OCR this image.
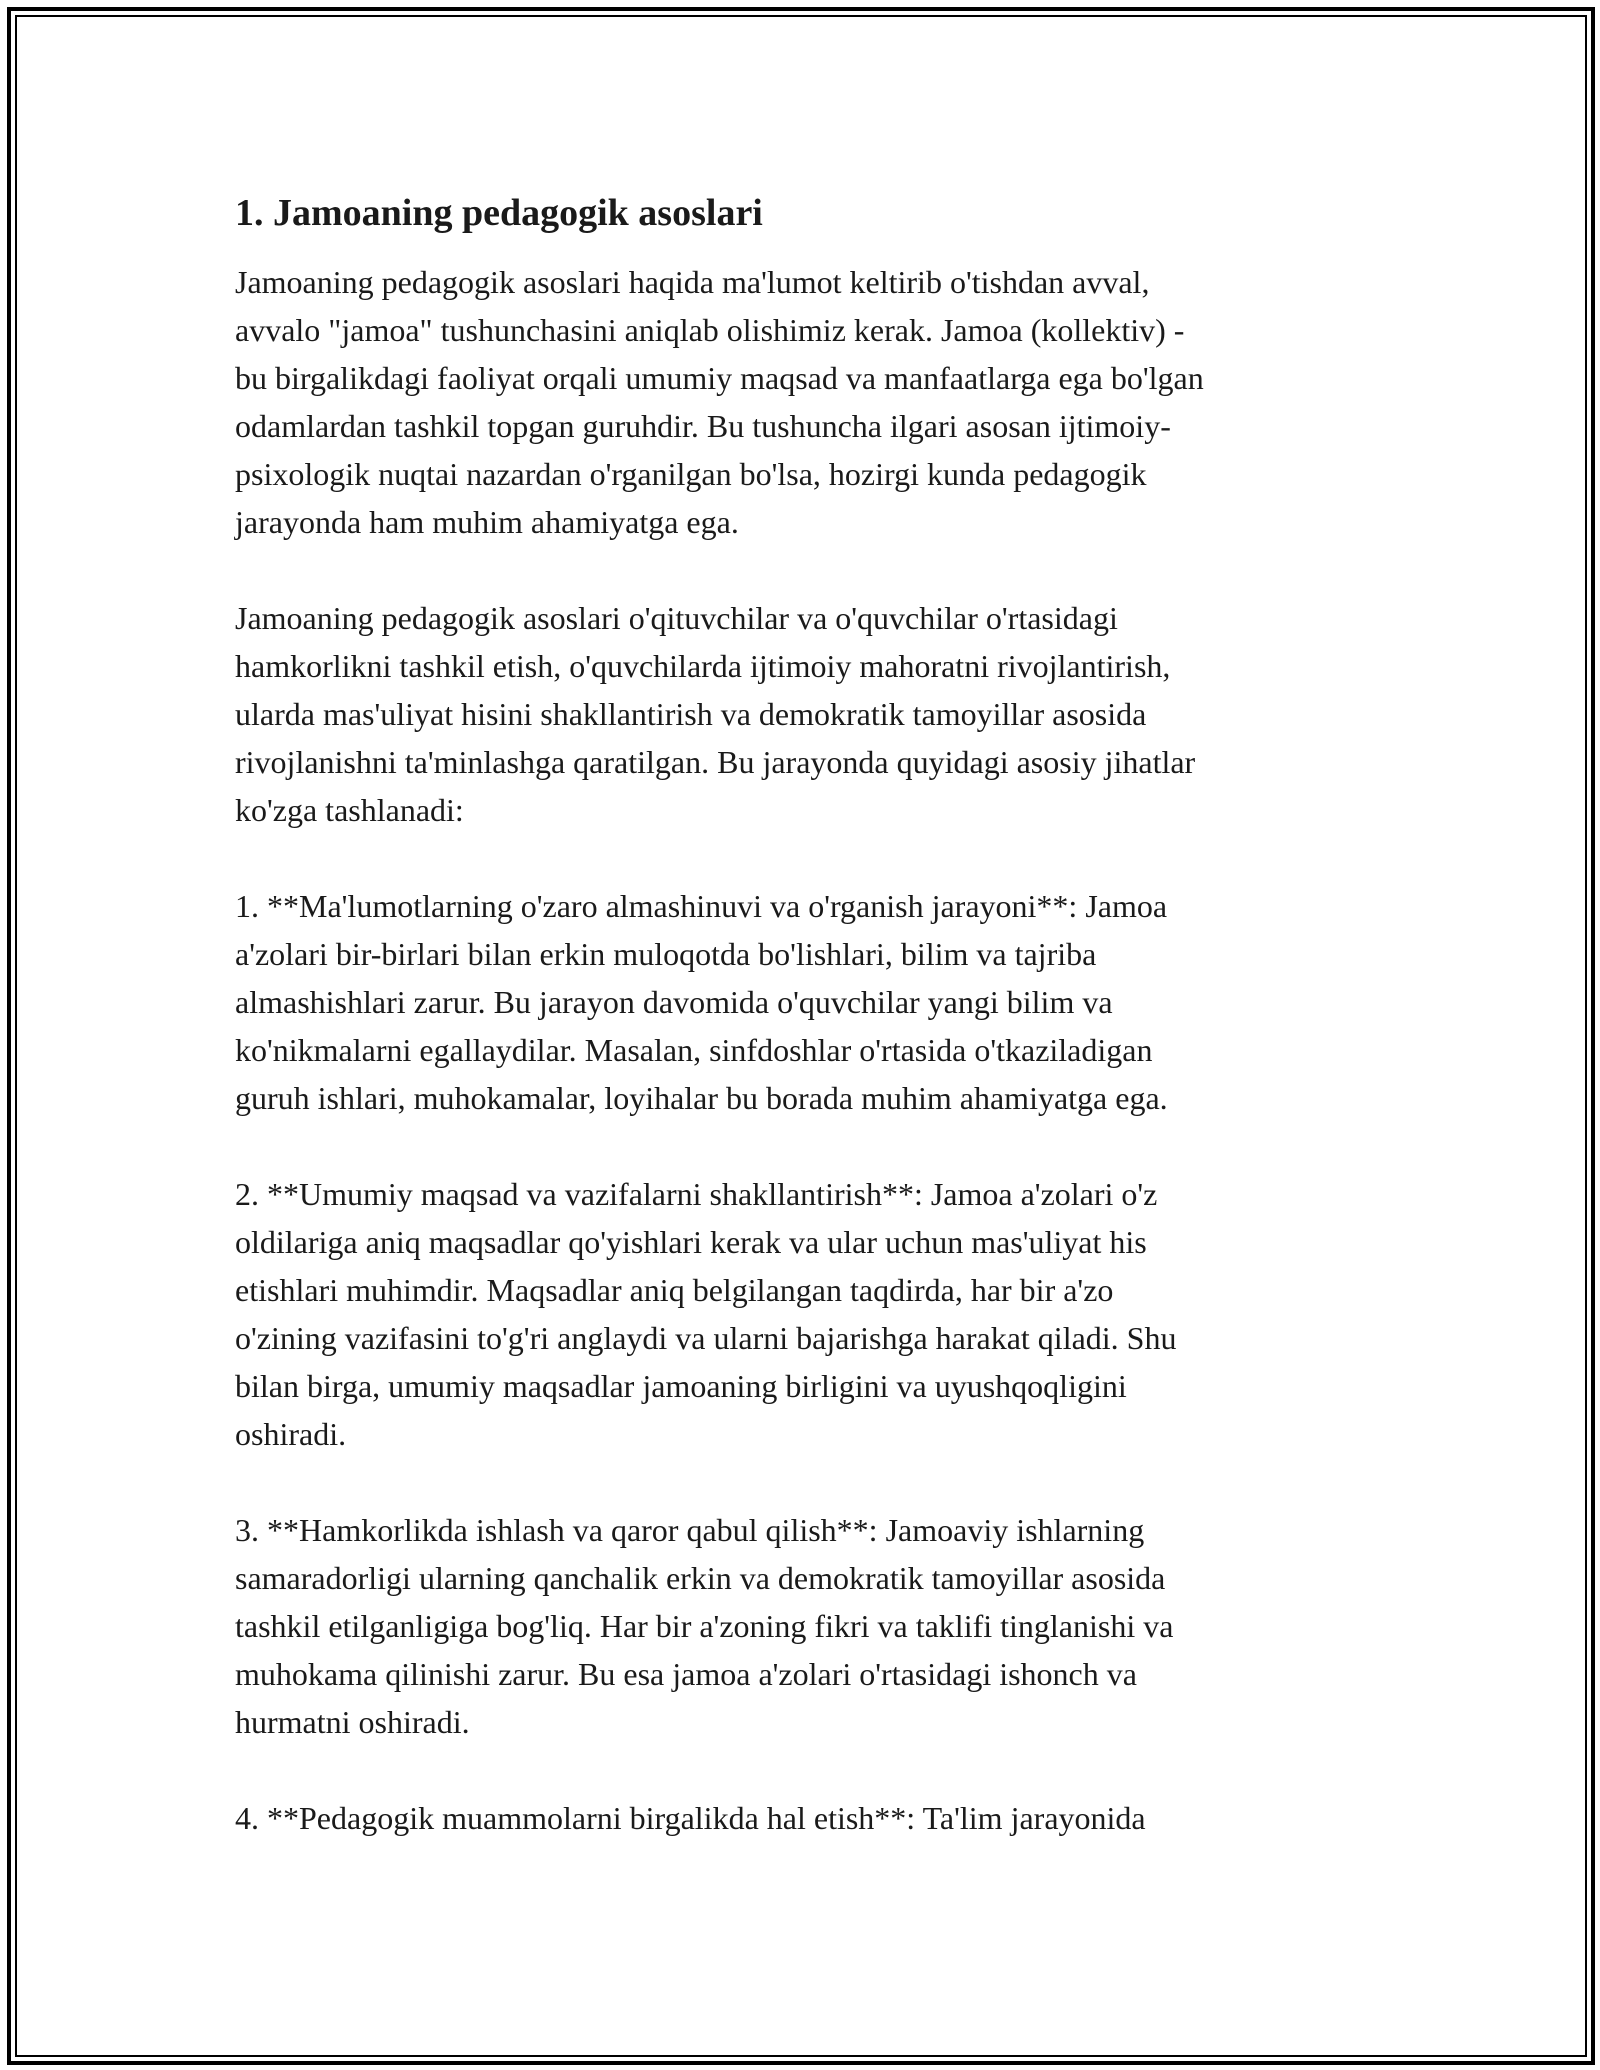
1. Jamoaning pedagogik asoslari

Jamoaning pedagogik asoslari haqida ma'lumot keltirib o'tishdan avval,
avvalo "jamoa" tushunchasini aniqlab olishimiz kerak. Jamoa (kollektiv) -
bu birgalikdagi faoliyat orqali umumiy maqsad va manfaatlarga ega bo'lgan
odamlardan tashkil topgan guruhdir. Bu tushuncha ilgari asosan ijtimoiy-
psixologik nuqtai nazardan o'rganilgan bo'lsa, hozirgi kunda pedagogik
jarayonda ham muhim ahamiyatga ega.

Jamoaning pedagogik asoslari o'qituvchilar va o'quvchilar o'rtasidagi
hamkorlikni tashkil etish, o'quvchilarda ijtimoiy mahoratni rivojlantirish,
ularda mas'uliyat hisini shakllantirish va demokratik tamoyillar asosida
rivojlanishni ta'minlashga qaratilgan. Bu jarayonda quyidagi asosiy jihatlar
ko'zga tashlanadi:

1. **Ma'lumotlarning o'zaro almashinuvi va o'rganish jarayoni**: Jamoa
a'zolari bir-birlari bilan erkin muloqotda bo'lishlari, bilim va tajriba
almashishlari zarur. Bu jarayon davomida o'quvchilar yangi bilim va
ko'nikmalarni egallaydilar. Masalan, sinfdoshlar o'rtasida o'tkaziladigan
guruh ishlari, muhokamalar, loyihalar bu borada muhim ahamiyatga ega.

2. **Umumiy maqsad va vazifalarni shakllantirish**: Jamoa a'zolari o'z
oldilariga aniq maqsadlar qo'yishlari kerak va ular uchun mas'uliyat his
etishlari muhimdir. Maqsadlar aniq belgilangan taqdirda, har bir a'zo
o'zining vazifasini to'g'ri anglaydi va ularni bajarishga harakat qiladi. Shu
bilan birga, umumiy maqsadlar jamoaning birligini va uyushqoqligini
oshiradi.

3. **Hamkorlikda ishlash va qaror qabul qilish**: Jamoaviy ishlarning
samaradorligi ularning qanchalik erkin va demokratik tamoyillar asosida
tashkil etilganligiga bog'liq. Har bir a'zoning fikri va taklifi tinglanishi va
muhokama qilinishi zarur. Bu esa jamoa a'zolari o'rtasidagi ishonch va
hurmatni oshiradi.

4. **Pedagogik muammolarni birgalikda hal etish**: Ta'lim jarayonida
